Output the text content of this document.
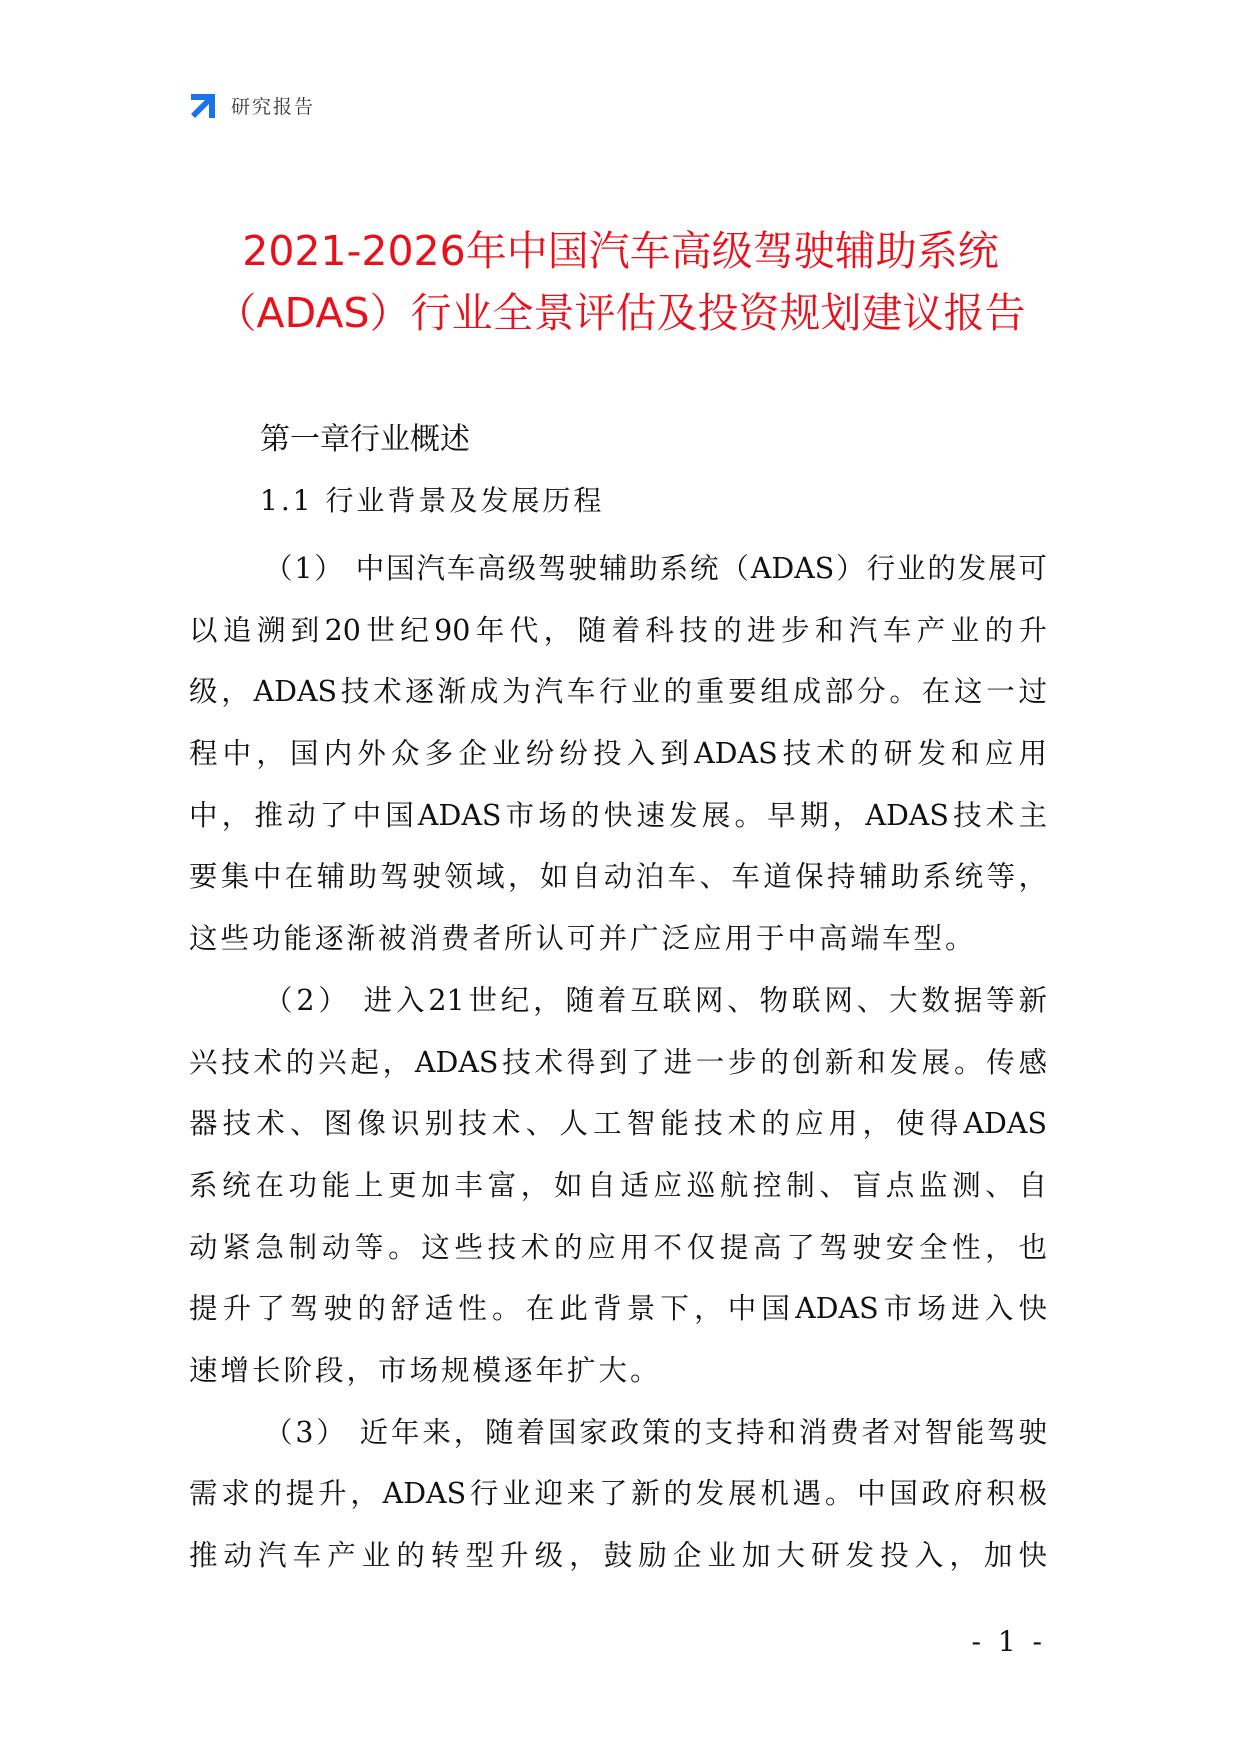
研究报告
2021-2026年中国汽车高级驾驶辅助系统
（ADAS）行业全景评估及投资规划建议报告
第一章行业概述
1.1 行业背景及发展历程
（1） 中国汽车高级驾驶辅助系统（ADAS）行业的发展可
以追溯到20世纪90年代，随着科技的进步和汽车产业的升
级，ADAS技术逐渐成为汽车行业的重要组成部分。在这一过
程中，国内外众多企业纷纷投入到ADAS技术的研发和应用
中，推动了中国ADAS市场的快速发展。早期，ADAS技术主
要集中在辅助驾驶领域，如自动泊车、车道保持辅助系统等，
这些功能逐渐被消费者所认可并广泛应用于中高端车型。
（2） 进入21世纪，随着互联网、物联网、大数据等新
兴技术的兴起，ADAS技术得到了进一步的创新和发展。传感
器技术、图像识别技术、人工智能技术的应用，使得ADAS
系统在功能上更加丰富，如自适应巡航控制、盲点监测、自
动紧急制动等。这些技术的应用不仅提高了驾驶安全性，也
提升了驾驶的舒适性。在此背景下，中国ADAS市场进入快
速增长阶段，市场规模逐年扩大。
（3） 近年来，随着国家政策的支持和消费者对智能驾驶
需求的提升，ADAS行业迎来了新的发展机遇。中国政府积极
推动汽车产业的转型升级，鼓励企业加大研发投入，加快
- 1 -
